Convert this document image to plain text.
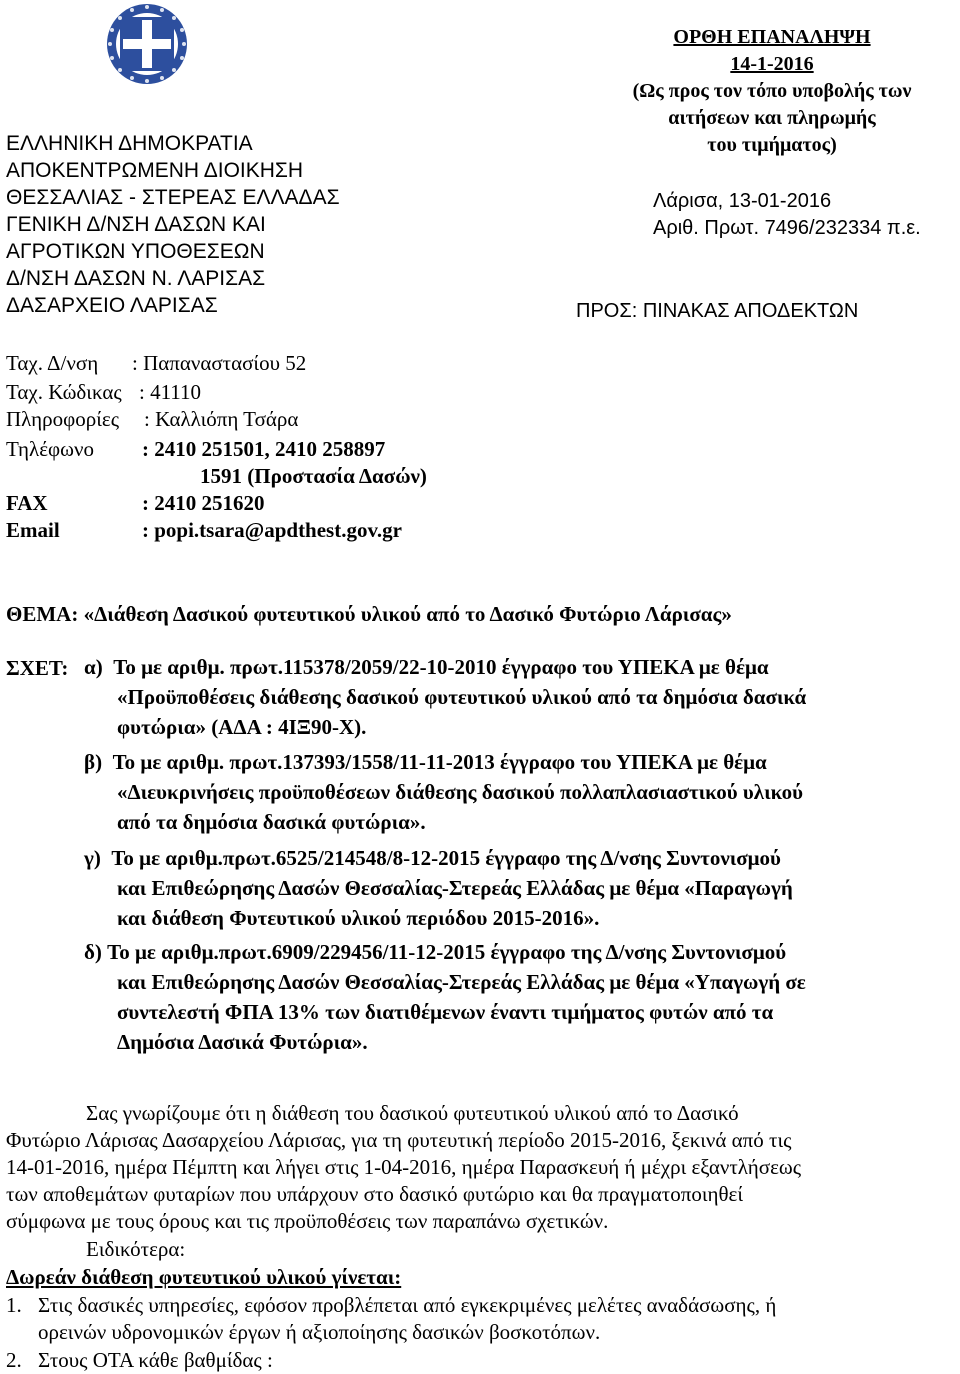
ΕΛΛΗΝΙΚΗ ΔΗΜΟΚΡΑΤΙΑ
ΑΠΟΚΕΝΤΡΩΜΕΝΗ ΔΙΟΙΚΗΣΗ
ΘΕΣΣΑΛΙΑΣ - ΣΤΕΡΕΑΣ ΕΛΛΑΔΑΣ
ΓΕΝΙΚΗ Δ/ΝΣΗ ΔΑΣΩΝ ΚΑΙ
ΑΓΡΟΤΙΚΩΝ ΥΠΟΘΕΣΕΩΝ
Δ/ΝΣΗ ΔΑΣΩΝ Ν. ΛΑΡΙΣΑΣ
ΔΑΣΑΡΧΕΙΟ ΛΑΡΙΣΑΣ
ΟΡΘΗ ΕΠΑΝΑΛΗΨΗ
14-1-2016
(Ως προς τον τόπο υποβολής των
αιτήσεων και πληρωμής
του τιμήματος)
Λάρισα, 13-01-2016
Αριθ. Πρωτ. 7496/232334 π.ε.
ΠΡΟΣ: ΠΙΝΑΚΑΣ ΑΠΟΔΕΚΤΩΝ
Ταχ. Δ/νση : Παπαναστασίου 52
Ταχ. Κώδικας : 41110
Πληροφορίες : Καλλιόπη Τσάρα
Τηλέφωνο : 2410 251501, 2410 258897
1591 (Προστασία Δασών)
FAX	: 2410 251620
Email	: popi.tsara@apdthest.gov.gr
ΘΕΜΑ: «Διάθεση Δασικού φυτευτικού υλικού από το Δασικό Φυτώριο Λάρισας»
ΣΧΕΤ: α) Το με αριθμ. πρωτ.115378/2059/22-10-2010 έγγραφο του ΥΠΕΚΑ με θέμα
«Προϋποθέσεις διάθεσης δασικού φυτευτικού υλικού από τα δημόσια δασικά
φυτώρια» (ΑΔΑ : 4ΙΞ90-Χ).
β) Το με αριθμ. πρωτ.137393/1558/11-11-2013 έγγραφο του ΥΠΕΚΑ με θέμα
«Διευκρινήσεις προϋποθέσεων διάθεσης δασικού πολλαπλασιαστικού υλικού
από τα δημόσια δασικά φυτώρια».
γ) Το με αριθμ.πρωτ.6525/214548/8-12-2015 έγγραφο της Δ/νσης Συντονισμού
και Επιθεώρησης Δασών Θεσσαλίας-Στερεάς Ελλάδας με θέμα «Παραγωγή
και διάθεση Φυτευτικού υλικού περιόδου 2015-2016».
δ) Το με αριθμ.πρωτ.6909/229456/11-12-2015 έγγραφο της Δ/νσης Συντονισμού
και Επιθεώρησης Δασών Θεσσαλίας-Στερεάς Ελλάδας με θέμα «Υπαγωγή σε
συντελεστή ΦΠΑ 13% των διατιθέμενων έναντι τιμήματος φυτών από τα
Δημόσια Δασικά Φυτώρια».
Σας γνωρίζουμε ότι η διάθεση του δασικού φυτευτικού υλικού από το Δασικό
Φυτώριο Λάρισας Δασαρχείου Λάρισας, για τη φυτευτική περίοδο 2015-2016, ξεκινά από τις
14-01-2016, ημέρα Πέμπτη και λήγει στις 1-04-2016, ημέρα Παρασκευή ή μέχρι εξαντλήσεως
των αποθεμάτων φυταρίων που υπάρχουν στο δασικό φυτώριο και θα πραγματοποιηθεί
σύμφωνα με τους όρους και τις προϋποθέσεις των παραπάνω σχετικών.
Ειδικότερα:
Δωρεάν διάθεση φυτευτικού υλικού γίνεται:
1. Στις δασικές υπηρεσίες, εφόσον προβλέπεται από εγκεκριμένες μελέτες αναδάσωσης, ή
ορεινών υδρονομικών έργων ή αξιοποίησης δασικών βοσκοτόπων.
2. Στους ΟΤΑ κάθε βαθμίδας :
